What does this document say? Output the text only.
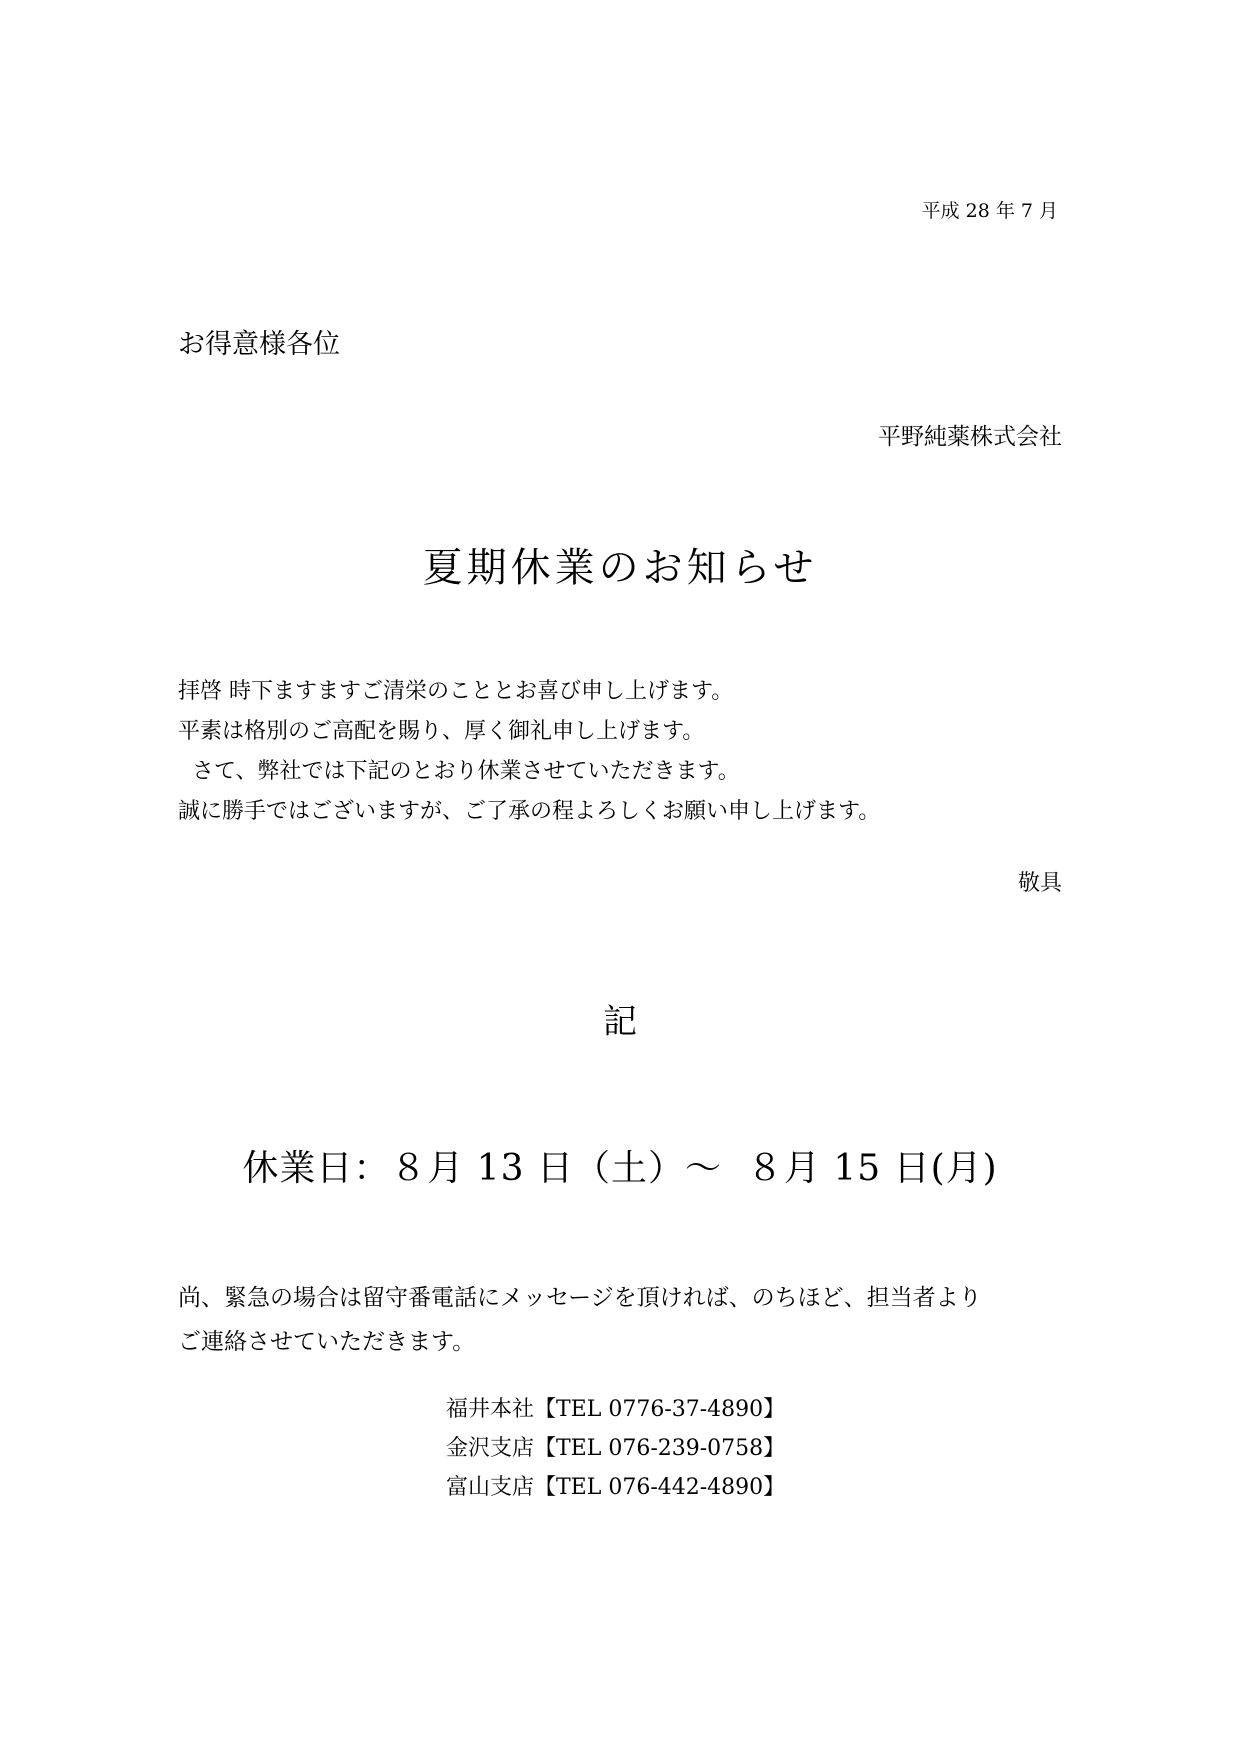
平成 28 年 7 月
お得意様各位
平野純薬株式会社
夏期休業のお知らせ
拝啓 時下ますますご清栄のこととお喜び申し上げます。
平素は格別のご高配を賜り、厚く御礼申し上げます。
さて、弊社では下記のとおり休業させていただきます。
誠に勝手ではございますが、ご了承の程よろしくお願い申し上げます。
敬具
記
休業日：８月 13 日（土）～  ８月 15 日(月)
尚、緊急の場合は留守番電話にメッセージを頂ければ、のちほど、担当者より
ご連絡させていただきます。
福井本社【TEL 0776-37-4890】
金沢支店【TEL 076-239-0758】
富山支店【TEL 076-442-4890】
